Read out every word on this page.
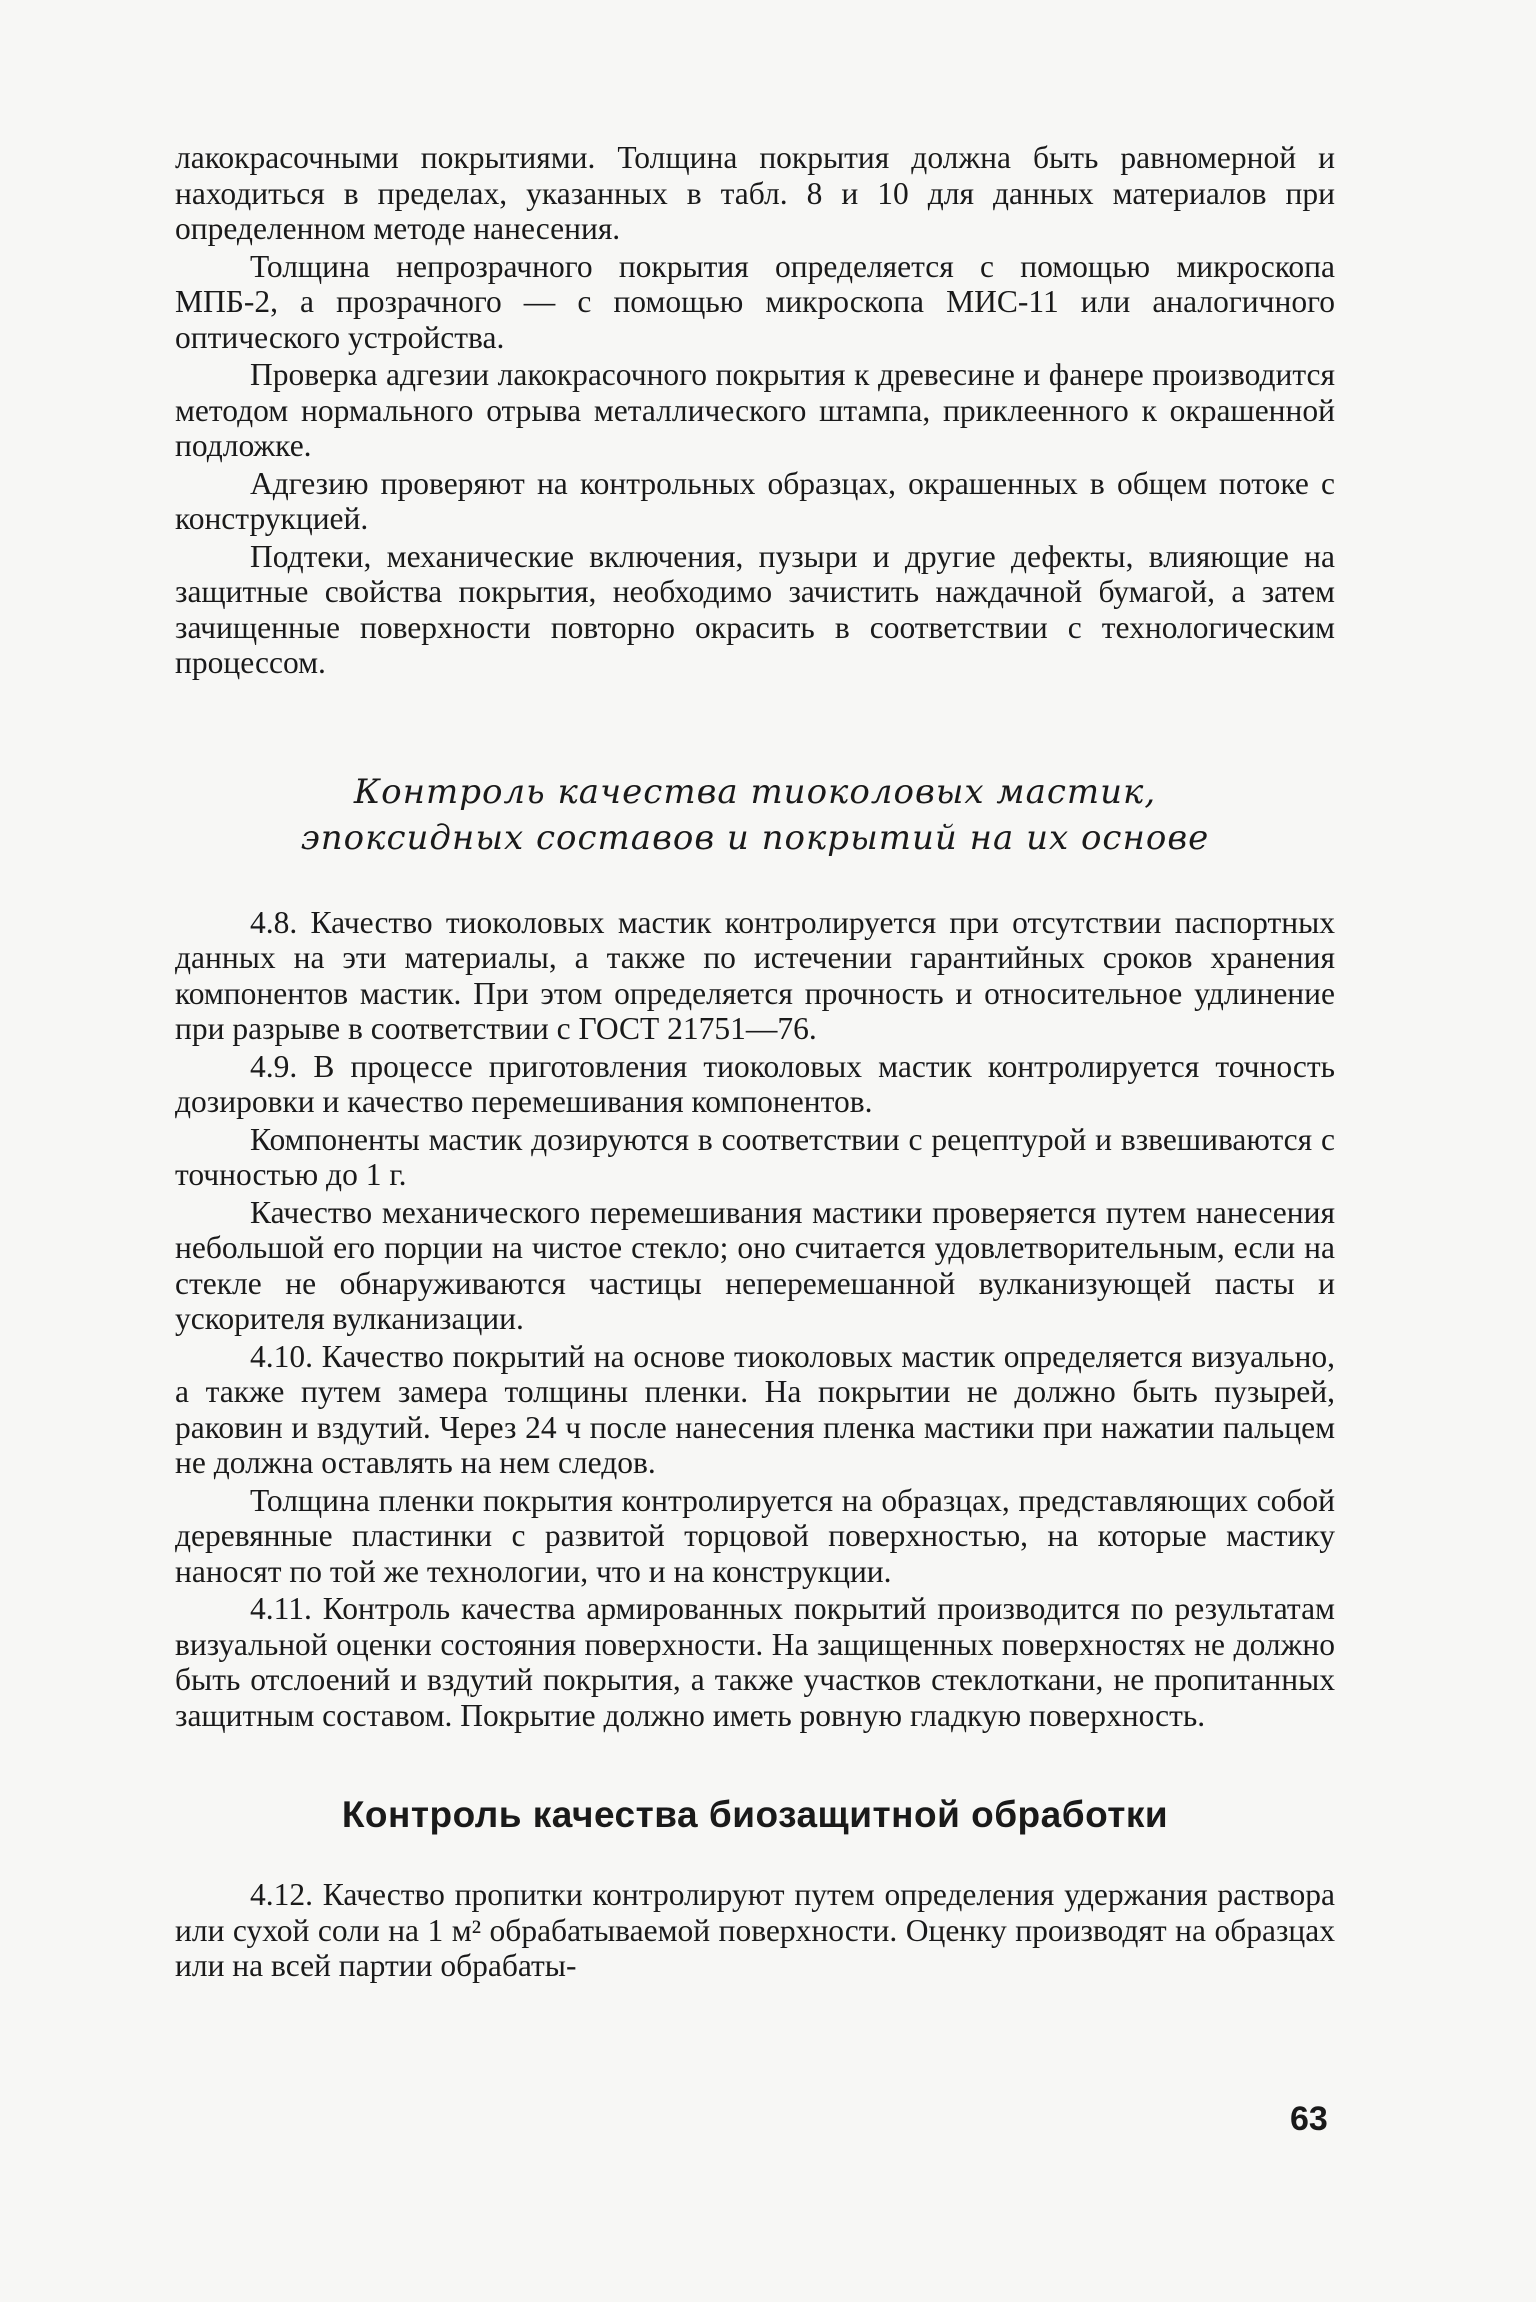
лакокрасочными покрытиями. Толщина покрытия должна быть равномерной и находиться в пределах, указанных в табл. 8 и 10 для данных материалов при определенном методе нанесения.

Толщина непрозрачного покрытия определяется с помощью микроскопа МПБ-2, а прозрачного — с помощью микроскопа МИС-11 или аналогичного оптического устройства.

Проверка адгезии лакокрасочного покрытия к древесине и фанере производится методом нормального отрыва металлического штампа, приклеенного к окрашенной подложке.

Адгезию проверяют на контрольных образцах, окрашенных в общем потоке с конструкцией.

Подтеки, механические включения, пузыри и другие дефекты, влияющие на защитные свойства покрытия, необходимо зачистить наждачной бумагой, а затем зачищенные поверхности повторно окрасить в соответствии с технологическим процессом.

Контроль качества тиоколовых мастик,
эпоксидных составов и покрытий на их основе

4.8. Качество тиоколовых мастик контролируется при отсутствии паспортных данных на эти материалы, а также по истечении гарантийных сроков хранения компонентов мастик. При этом определяется прочность и относительное удлинение при разрыве в соответствии с ГОСТ 21751—76.

4.9. В процессе приготовления тиоколовых мастик контролируется точность дозировки и качество перемешивания компонентов.

Компоненты мастик дозируются в соответствии с рецептурой и взвешиваются с точностью до 1 г.

Качество механического перемешивания мастики проверяется путем нанесения небольшой его порции на чистое стекло; оно считается удовлетворительным, если на стекле не обнаруживаются частицы неперемешанной вулканизующей пасты и ускорителя вулканизации.

4.10. Качество покрытий на основе тиоколовых мастик определяется визуально, а также путем замера толщины пленки. На покрытии не должно быть пузырей, раковин и вздутий. Через 24 ч после нанесения пленка мастики при нажатии пальцем не должна оставлять на нем следов.

Толщина пленки покрытия контролируется на образцах, представляющих собой деревянные пластинки с развитой торцовой поверхностью, на которые мастику наносят по той же технологии, что и на конструкции.

4.11. Контроль качества армированных покрытий производится по результатам визуальной оценки состояния поверхности. На защищенных поверхностях не должно быть отслоений и вздутий покрытия, а также участков стеклоткани, не пропитанных защитным составом. Покрытие должно иметь ровную гладкую поверхность.

Контроль качества биозащитной обработки

4.12. Качество пропитки контролируют путем определения удержания раствора или сухой соли на 1 м² обрабатываемой поверхности. Оценку производят на образцах или на всей партии обрабаты-

63
